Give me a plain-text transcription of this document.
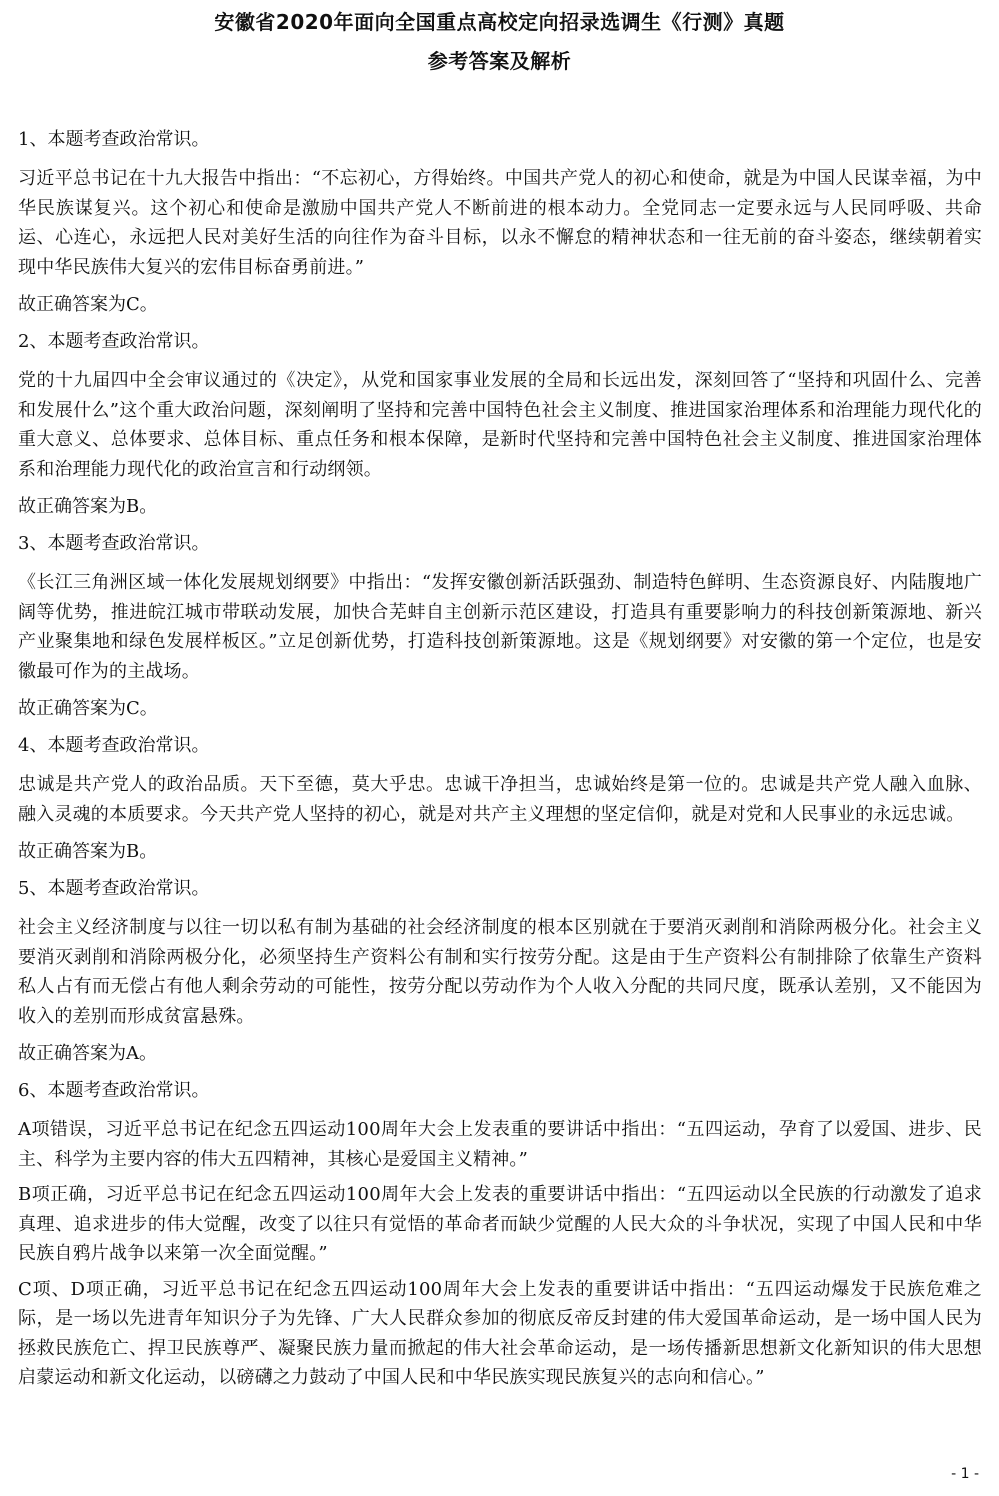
安徽省2020年面向全国重点高校定向招录选调生《行测》真题
参考答案及解析

1、本题考查政治常识。

习近平总书记在十九大报告中指出：“不忘初心，方得始终。中国共产党人的初心和使命，就是为中国人民谋幸福，为中华民族谋复兴。这个初心和使命是激励中国共产党人不断前进的根本动力。全党同志一定要永远与人民同呼吸、共命运、心连心，永远把人民对美好生活的向往作为奋斗目标，以永不懈怠的精神状态和一往无前的奋斗姿态，继续朝着实现中华民族伟大复兴的宏伟目标奋勇前进。”

故正确答案为C。

2、本题考查政治常识。

党的十九届四中全会审议通过的《决定》，从党和国家事业发展的全局和长远出发，深刻回答了“坚持和巩固什么、完善和发展什么”这个重大政治问题，深刻阐明了坚持和完善中国特色社会主义制度、推进国家治理体系和治理能力现代化的重大意义、总体要求、总体目标、重点任务和根本保障，是新时代坚持和完善中国特色社会主义制度、推进国家治理体系和治理能力现代化的政治宣言和行动纲领。

故正确答案为B。

3、本题考查政治常识。

《长江三角洲区域一体化发展规划纲要》中指出：“发挥安徽创新活跃强劲、制造特色鲜明、生态资源良好、内陆腹地广阔等优势，推进皖江城市带联动发展，加快合芜蚌自主创新示范区建设，打造具有重要影响力的科技创新策源地、新兴产业聚集地和绿色发展样板区。”立足创新优势，打造科技创新策源地。这是《规划纲要》对安徽的第一个定位，也是安徽最可作为的主战场。

故正确答案为C。

4、本题考查政治常识。

忠诚是共产党人的政治品质。天下至德，莫大乎忠。忠诚干净担当，忠诚始终是第一位的。忠诚是共产党人融入血脉、融入灵魂的本质要求。今天共产党人坚持的初心，就是对共产主义理想的坚定信仰，就是对党和人民事业的永远忠诚。

故正确答案为B。

5、本题考查政治常识。

社会主义经济制度与以往一切以私有制为基础的社会经济制度的根本区别就在于要消灭剥削和消除两极分化。社会主义要消灭剥削和消除两极分化，必须坚持生产资料公有制和实行按劳分配。这是由于生产资料公有制排除了依靠生产资料私人占有而无偿占有他人剩余劳动的可能性，按劳分配以劳动作为个人收入分配的共同尺度，既承认差别，又不能因为收入的差别而形成贫富悬殊。

故正确答案为A。

6、本题考查政治常识。

A项错误，习近平总书记在纪念五四运动100周年大会上发表重的要讲话中指出：“五四运动，孕育了以爱国、进步、民主、科学为主要内容的伟大五四精神，其核心是爱国主义精神。”

B项正确，习近平总书记在纪念五四运动100周年大会上发表的重要讲话中指出：“五四运动以全民族的行动激发了追求真理、追求进步的伟大觉醒，改变了以往只有觉悟的革命者而缺少觉醒的人民大众的斗争状况，实现了中国人民和中华民族自鸦片战争以来第一次全面觉醒。”

C项、D项正确，习近平总书记在纪念五四运动100周年大会上发表的重要讲话中指出：“五四运动爆发于民族危难之际，是一场以先进青年知识分子为先锋、广大人民群众参加的彻底反帝反封建的伟大爱国革命运动，是一场中国人民为拯救民族危亡、捍卫民族尊严、凝聚民族力量而掀起的伟大社会革命运动，是一场传播新思想新文化新知识的伟大思想启蒙运动和新文化运动，以磅礴之力鼓动了中国人民和中华民族实现民族复兴的志向和信心。”

- 1 -
